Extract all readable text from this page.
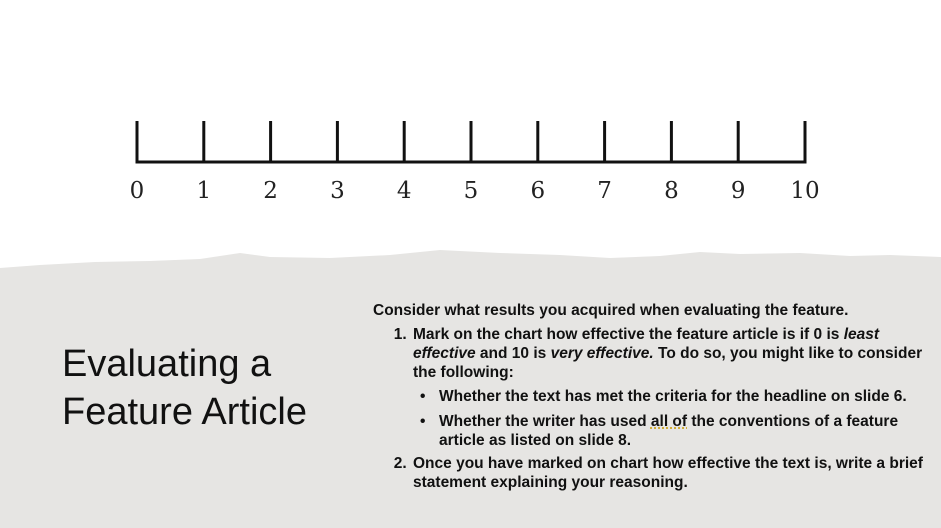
0 1 2 3 4 5 6 7 8 9 10
Evaluating a
Feature Article

Consider what results you acquired when evaluating the feature.

1. Mark on the chart how effective the feature article is if 0 is least effective and 10 is very effective. To do so, you might like to consider the following:
• Whether the text has met the criteria for the headline on slide 6.
• Whether the writer has used all of the conventions of a feature article as listed on slide 8.
2. Once you have marked on chart how effective the text is, write a brief statement explaining your reasoning.
